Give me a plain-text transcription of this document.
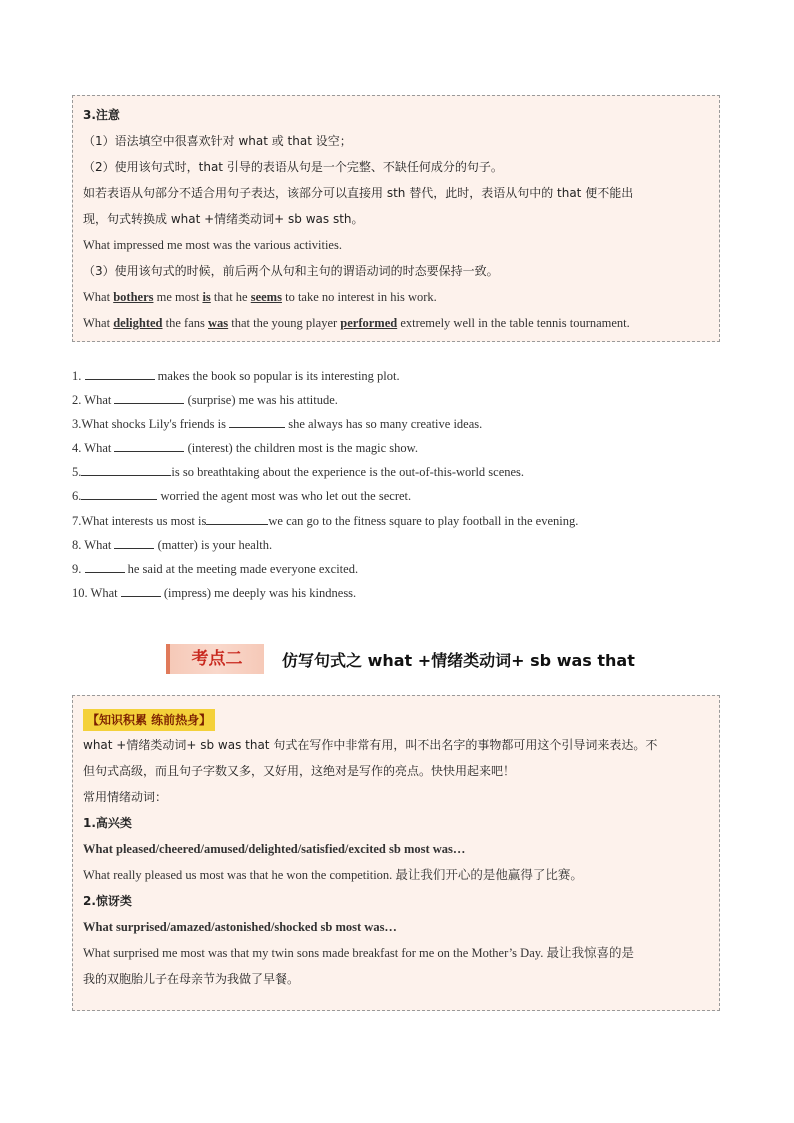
3.注意
（1）语法填空中很喜欢针对 what 或 that 设空；
（2）使用该句式时，that 引导的表语从句是一个完整、不缺任何成分的句子。
如若表语从句部分不适合用句子表达，该部分可以直接用 sth 替代，此时，表语从句中的 that 便不能出
现，句式转换成 what +情绪类动词+ sb was sth。
What impressed me most was the various activities.
（3）使用该句式的时候，前后两个从句和主句的谓语动词的时态要保持一致。
What bothers me most is that he seems to take no interest in his work.
What delighted the fans was that the young player performed extremely well in the table tennis tournament.
1.	makes the book so popular is its interesting plot.
2. What	(surprise) me was his attitude.
3.What shocks Lily's friends is	she always has so many creative ideas.
4. What	(interest) the children most is the magic show.
5.	is so breathtaking about the experience is the out-of-this-world scenes.
6.	worried the agent most was who let out the secret.
7.What interests us most is	we can go to the fitness square to play football in the evening.
8. What	(matter) is your health.
9.	he said at the meeting made everyone excited.
10. What	(impress) me deeply was his kindness.
考点二	仿写句式之 what +情绪类动词+ sb was that
【知识积累 练前热身】
what +情绪类动词+ sb was that 句式在写作中非常有用，叫不出名字的事物都可用这个引导词来表达。不
但句式高级，而且句子字数又多，又好用，这绝对是写作的亮点。快快用起来吧！
常用情绪动词：
1.高兴类
What pleased/cheered/amused/delighted/satisfied/excited sb most was…
What really pleased us most was that he won the competition. 最让我们开心的是他赢得了比赛。
2.惊讶类
What surprised/amazed/astonished/shocked sb most was…
What surprised me most was that my twin sons made breakfast for me on the Mother’s Day. 最让我惊喜的是
我的双胞胎儿子在母亲节为我做了早餐。
